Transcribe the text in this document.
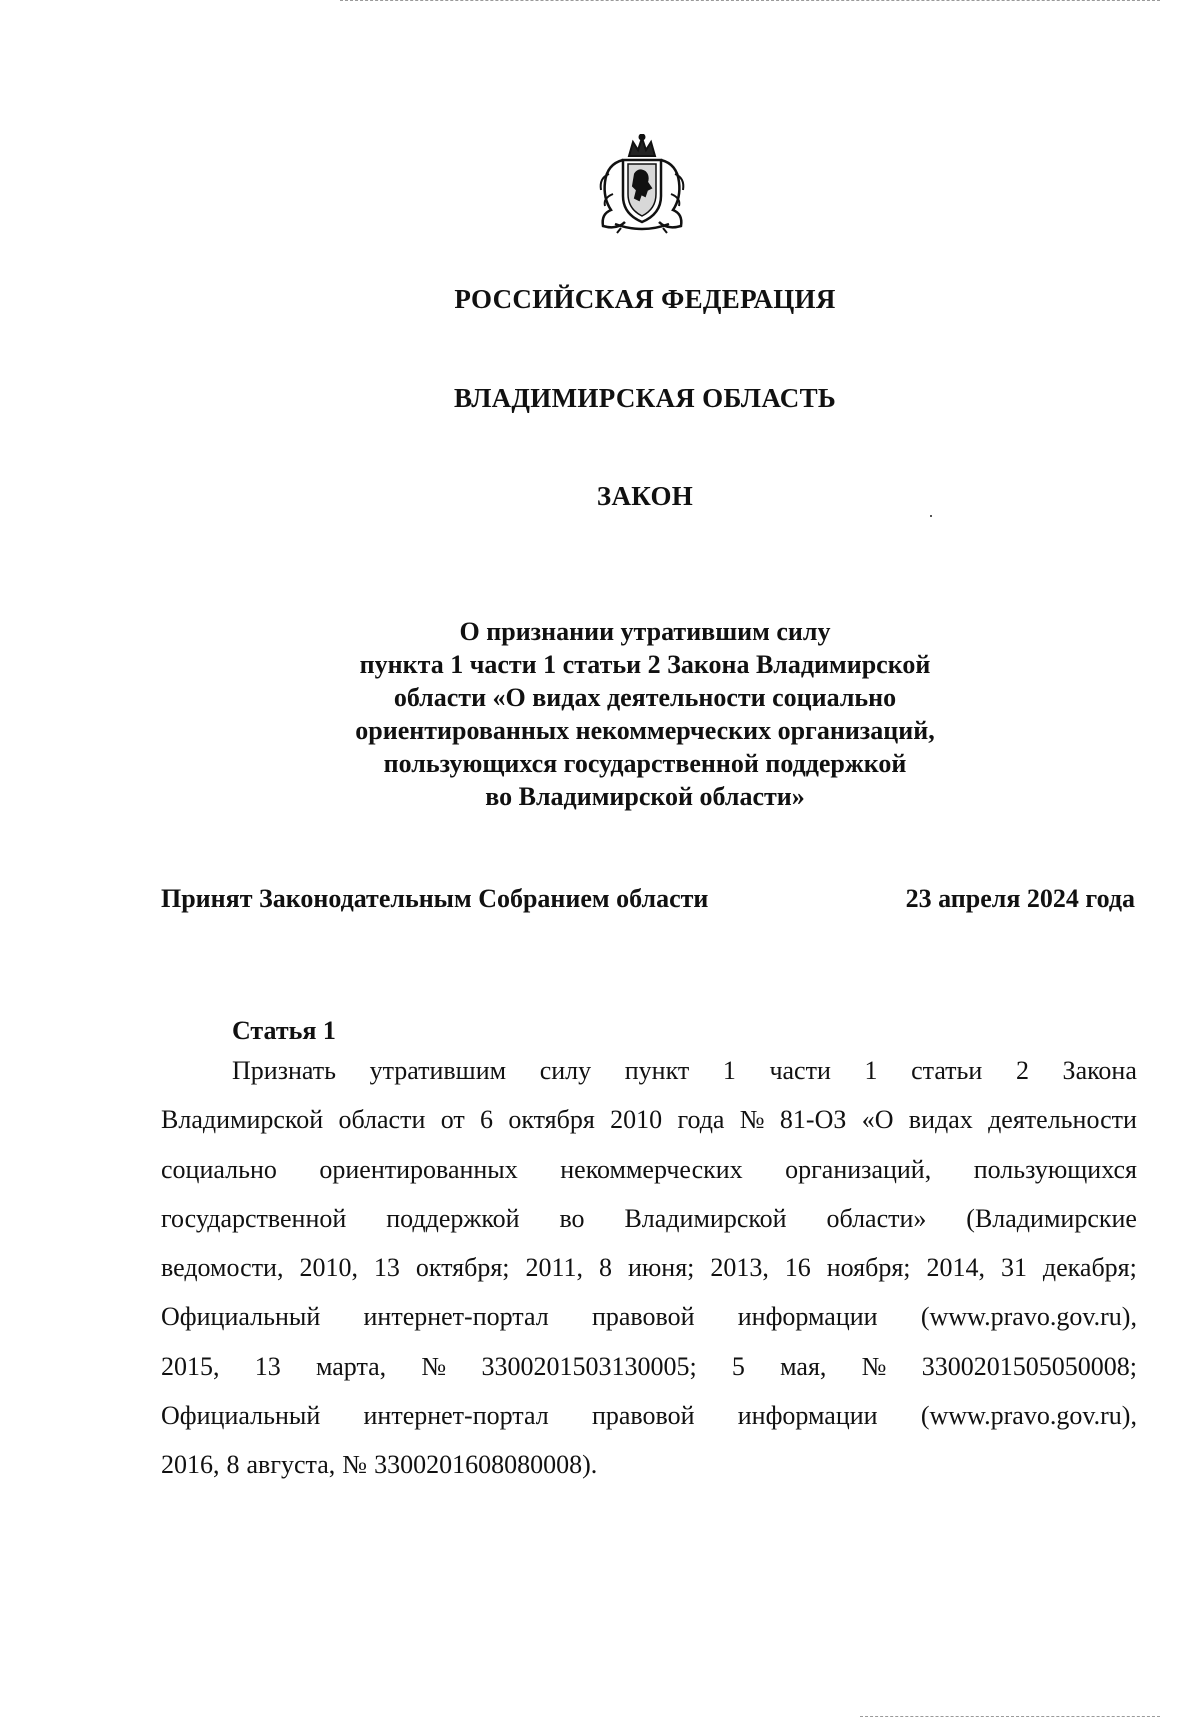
РОССИЙСКАЯ ФЕДЕРАЦИЯ
ВЛАДИМИРСКАЯ ОБЛАСТЬ
ЗАКОН
О признании утратившим силу
пункта 1 части 1 статьи 2 Закона Владимирской
области «О видах деятельности социально
ориентированных некоммерческих организаций,
пользующихся государственной поддержкой
во Владимирской области»
Принят Законодательным Собранием области	23 апреля 2024 года
Статья 1
Признать утратившим силу пункт 1 части 1 статьи 2 Закона
Владимирской области от 6 октября 2010 года № 81-ОЗ «О видах деятельности
социально ориентированных некоммерческих организаций, пользующихся
государственной поддержкой во Владимирской области» (Владимирские
ведомости, 2010, 13 октября; 2011, 8 июня; 2013, 16 ноября; 2014, 31 декабря;
Официальный интернет-портал правовой информации (www.pravo.gov.ru),
2015, 13 марта, № 3300201503130005; 5 мая, № 3300201505050008;
Официальный интернет-портал правовой информации (www.pravo.gov.ru),
2016, 8 августа, № 3300201608080008).
